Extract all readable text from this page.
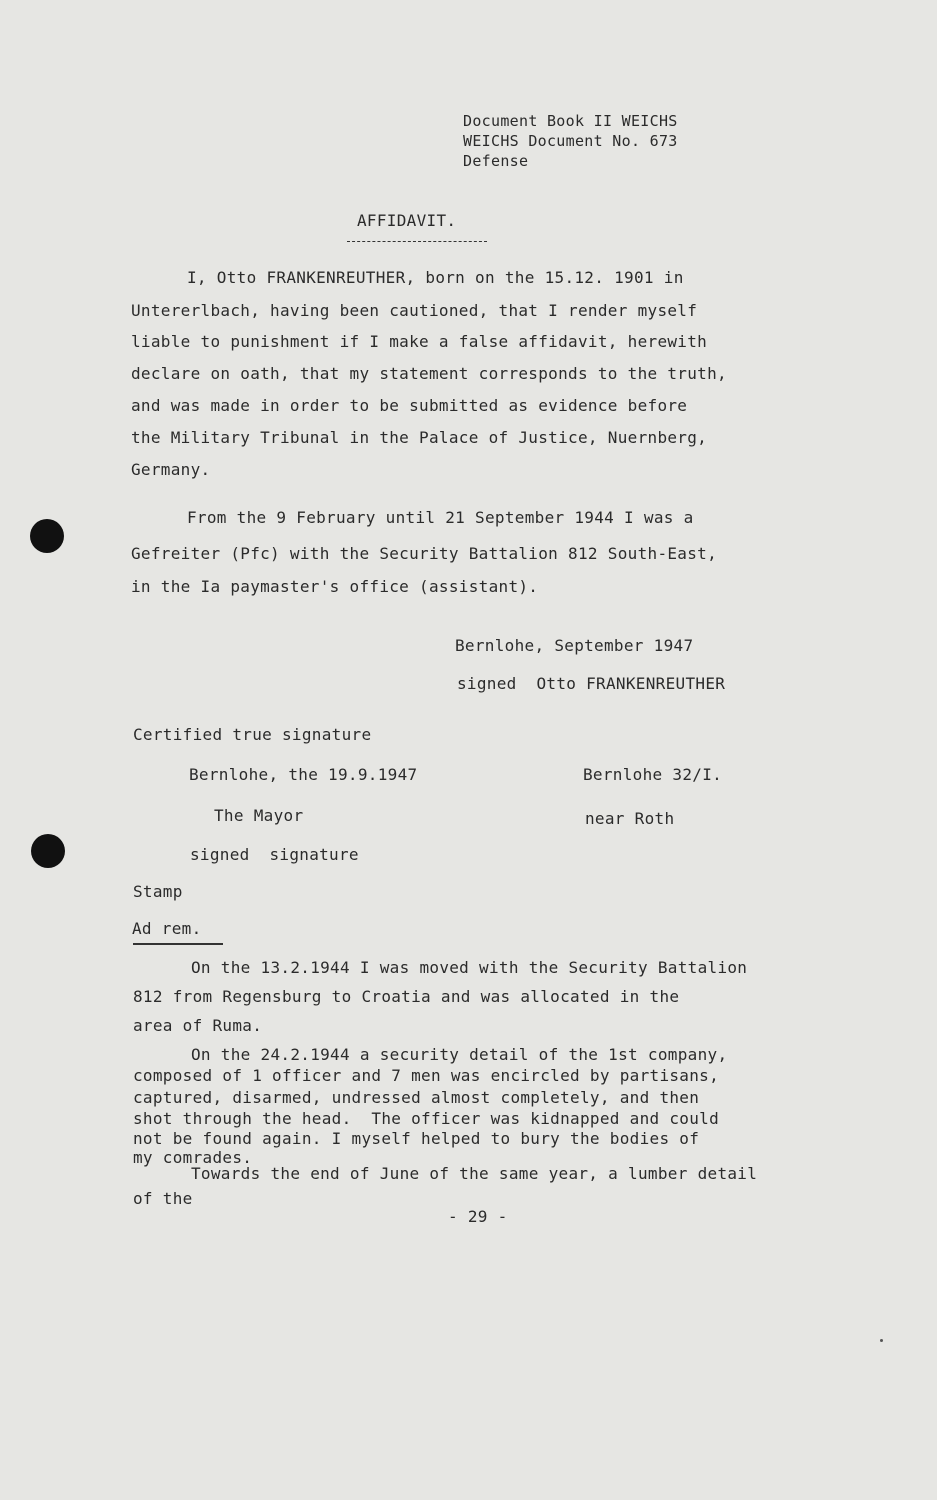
Document Book II WEICHS
WEICHS Document No. 673
Defense
AFFIDAVIT.
I, Otto FRANKENREUTHER, born on the 15.12. 1901 in
Untererlbach, having been cautioned, that I render myself
liable to punishment if I make a false affidavit, herewith
declare on oath, that my statement corresponds to the truth,
and was made in order to be submitted as evidence before
the Military Tribunal in the Palace of Justice, Nuernberg,
Germany.
From the 9 February until 21 September 1944 I was a
Gefreiter (Pfc) with the Security Battalion 812 South-East,
in the Ia paymaster's office (assistant).
Bernlohe, September 1947
signed  Otto FRANKENREUTHER
Certified true signature
Bernlohe, the 19.9.1947	Bernlohe 32/I.
The Mayor	near Roth
signed  signature
Stamp
Ad rem.
On the 13.2.1944 I was moved with the Security Battalion
812 from Regensburg to Croatia and was allocated in the
area of Ruma.
On the 24.2.1944 a security detail of the 1st company,
composed of 1 officer and 7 men was encircled by partisans,
captured, disarmed, undressed almost completely, and then
shot through the head.  The officer was kidnapped and could
not be found again. I myself helped to bury the bodies of
my comrades.
Towards the end of June of the same year, a lumber detail
of the
- 29 -
